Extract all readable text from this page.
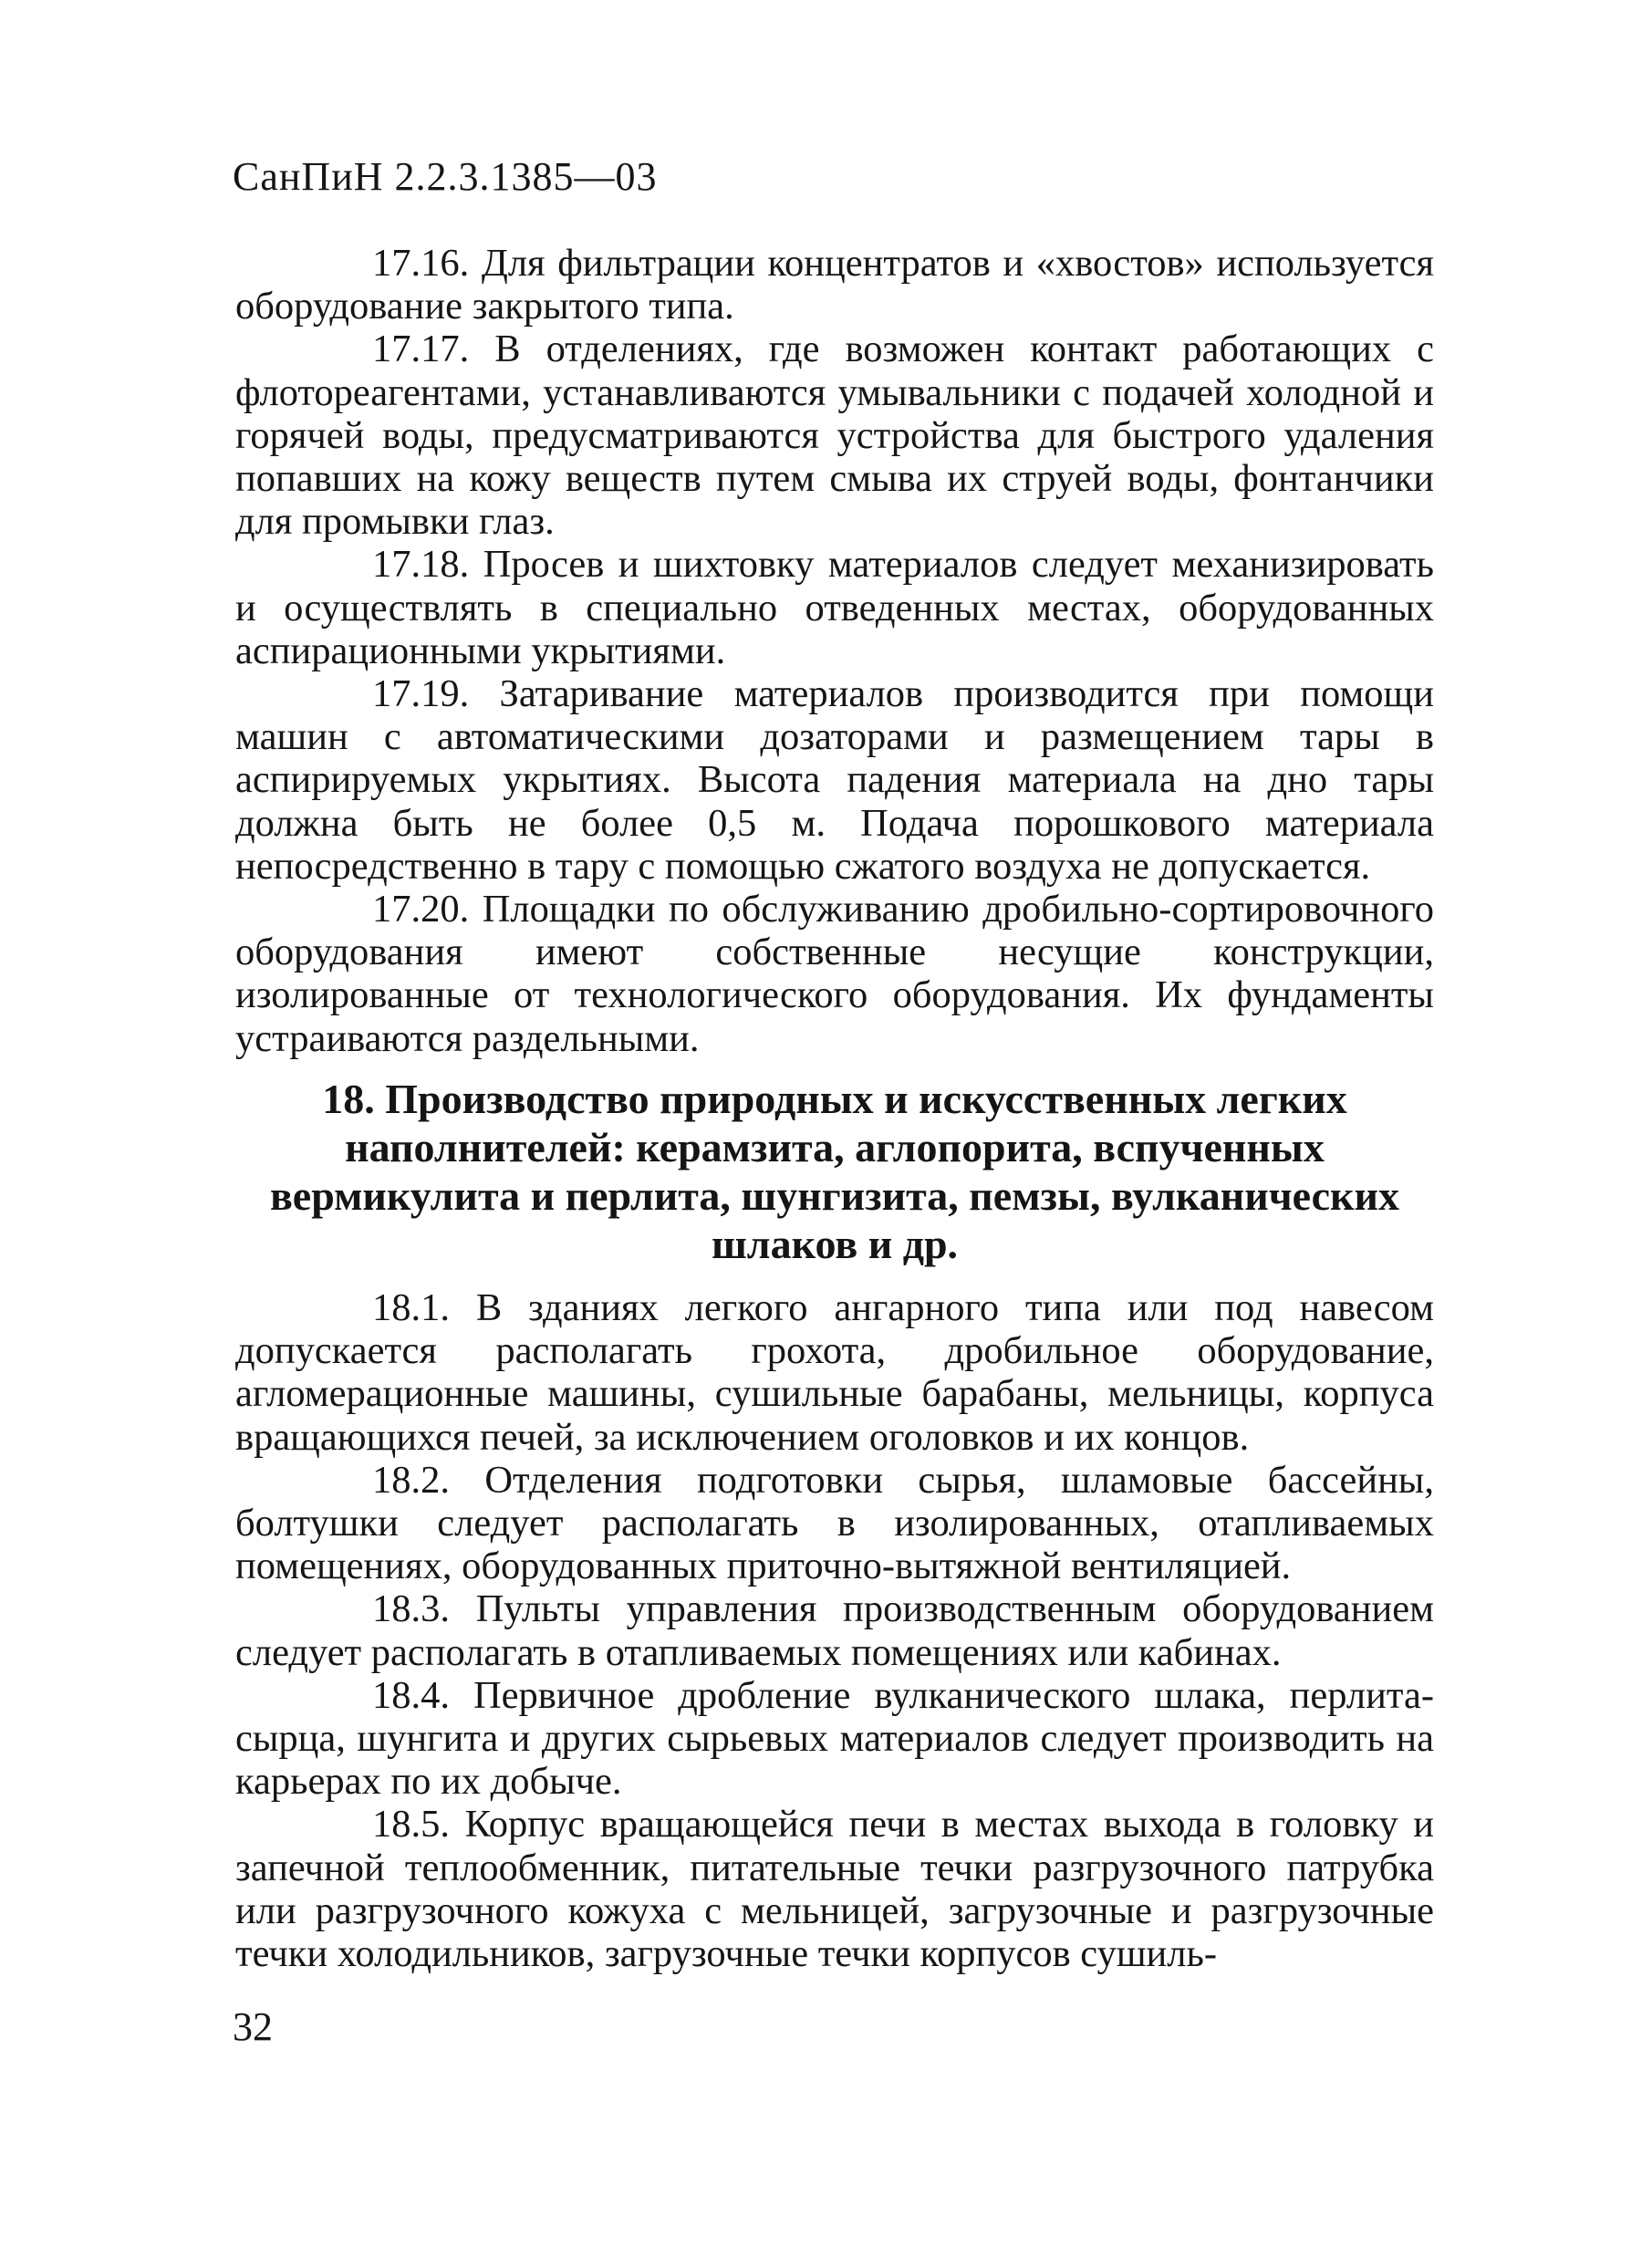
СанПиН 2.2.3.1385—03

17.16. Для фильтрации концентратов и «хвостов» используется оборудование закрытого типа.

17.17. В отделениях, где возможен контакт работающих с флотореагентами, устанавливаются умывальники с подачей холодной и горячей воды, предусматриваются устройства для быстрого удаления попавших на кожу веществ путем смыва их струей воды, фонтанчики для промывки глаз.

17.18. Просев и шихтовку материалов следует механизировать и осуществлять в специально отведенных местах, оборудованных аспирационными укрытиями.

17.19. Затаривание материалов производится при помощи машин с автоматическими дозаторами и размещением тары в аспирируемых укрытиях. Высота падения материала на дно тары должна быть не более 0,5 м. Подача порошкового материала непосредственно в тару с помощью сжатого воздуха не допускается.

17.20. Площадки по обслуживанию дробильно-сортировочного оборудования имеют собственные несущие конструкции, изолированные от технологического оборудования. Их фундаменты устраиваются раздельными.

18. Производство природных и искусственных легких наполнителей: керамзита, аглопорита, вспученных вермикулита и перлита, шунгизита, пемзы, вулканических шлаков и др.

18.1. В зданиях легкого ангарного типа или под навесом допускается располагать грохота, дробильное оборудование, агломерационные машины, сушильные барабаны, мельницы, корпуса вращающихся печей, за исключением оголовков и их концов.

18.2. Отделения подготовки сырья, шламовые бассейны, болтушки следует располагать в изолированных, отапливаемых помещениях, оборудованных приточно-вытяжной вентиляцией.

18.3. Пульты управления производственным оборудованием следует располагать в отапливаемых помещениях или кабинах.

18.4. Первичное дробление вулканического шлака, перлита-сырца, шунгита и других сырьевых материалов следует производить на карьерах по их добыче.

18.5. Корпус вращающейся печи в местах выхода в головку и запечной теплообменник, питательные течки разгрузочного патрубка или разгрузочного кожуха с мельницей, загрузочные и разгрузочные течки холодильников, загрузочные течки корпусов сушиль-

32
